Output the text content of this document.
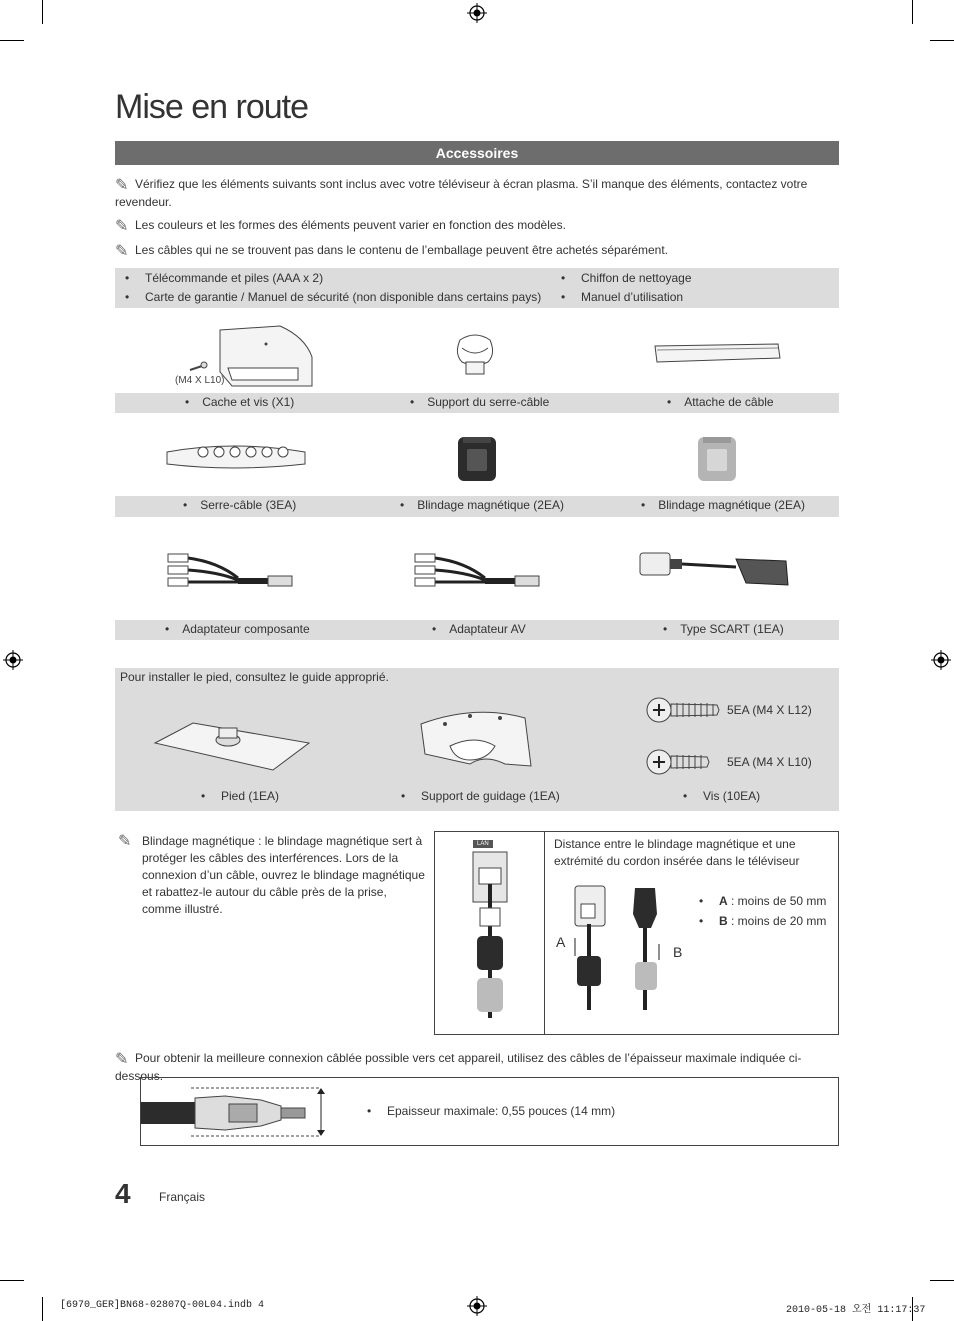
Mise en route
Accessoires
✎ Vérifiez que les éléments suivants sont inclus avec votre téléviseur à écran plasma. S’il manque des éléments, contactez votre revendeur.
✎ Les couleurs et les formes des éléments peuvent varier en fonction des modèles.
✎ Les câbles qui ne se trouvent pas dans le contenu de l’emballage peuvent être achetés séparément.
• Télécommande et piles (AAA x 2)
• Carte de garantie / Manuel de sécurité (non disponible dans certains pays)
• Chiffon de nettoyage
• Manuel d’utilisation
(M4 X L10)
• Cache et vis (X1)	• Support du serre-câble	• Attache de câble
• Serre-câble (3EA)	• Blindage magnétique (2EA)	• Blindage magnétique (2EA)
• Adaptateur composante	• Adaptateur AV	• Type SCART (1EA)
Pour installer le pied, consultez le guide approprié.
5EA (M4 X L12)
5EA (M4 X L10)
• Pied (1EA)	• Support de guidage (1EA)	• Vis (10EA)
✎ Blindage magnétique : le blindage magnétique sert à protéger les câbles des interférences. Lors de la connexion d’un câble, ouvrez le blindage magnétique et rabattez-le autour du câble près de la prise, comme illustré.
LAN	Distance entre le blindage magnétique et une extrémité du cordon insérée dans le téléviseur
A
B
• A : moins de 50 mm
• B : moins de 20 mm
✎ Pour obtenir la meilleure connexion câblée possible vers cet appareil, utilisez des câbles de l’épaisseur maximale indiquée ci-dessous.
• Epaisseur maximale: 0,55 pouces (14 mm)
4 Français
[6970_GER]BN68-02807Q-00L04.indb 4	2010-05-18 오전 11:17:37
